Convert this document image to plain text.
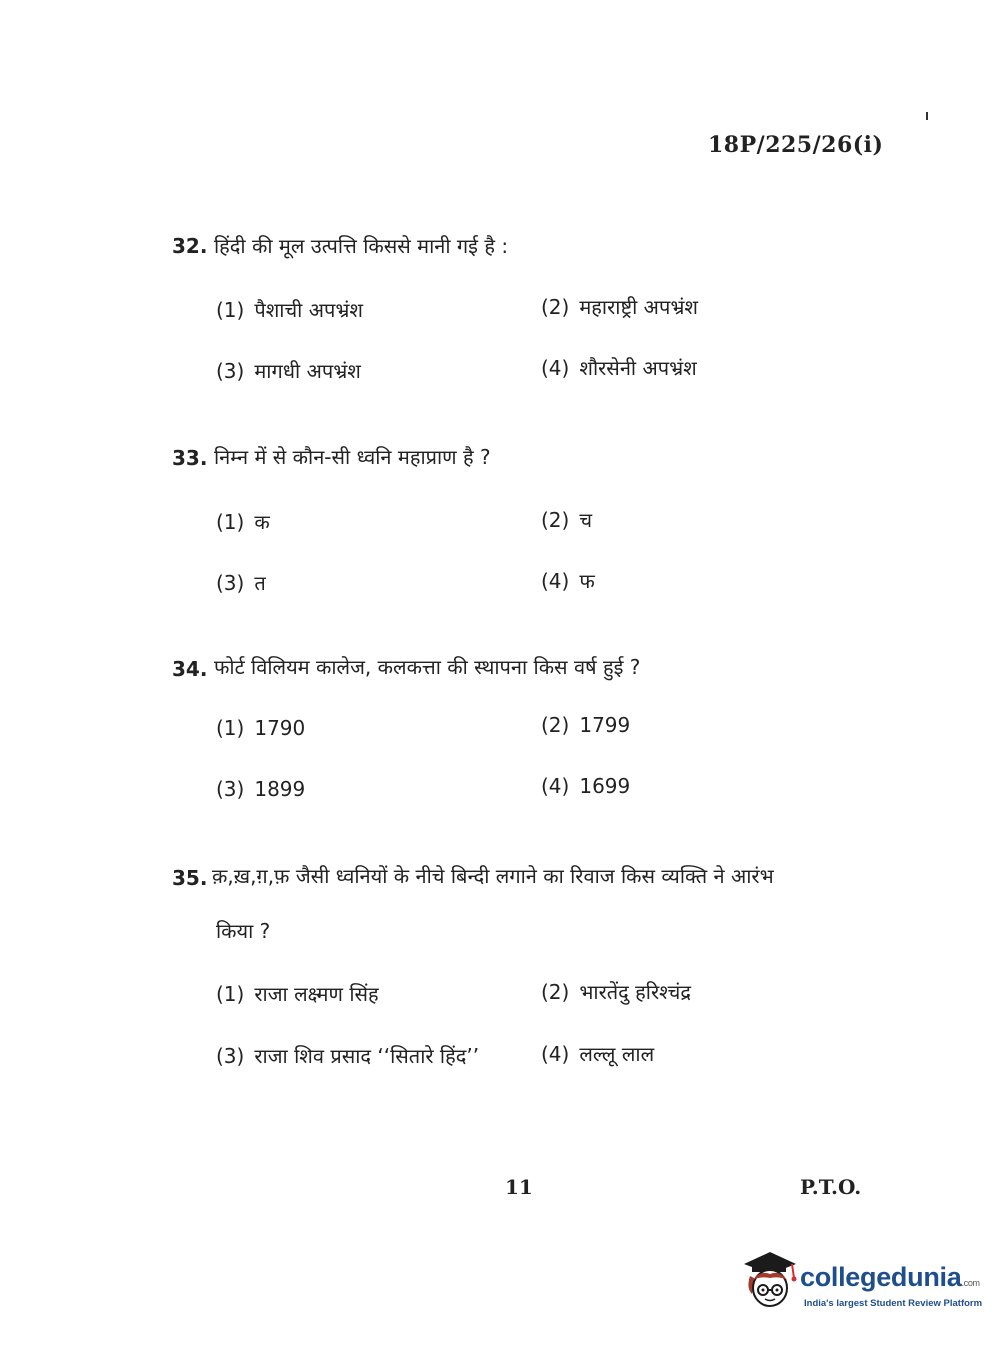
18P/225/26(i)
32. हिंदी की मूल उत्पत्ति किससे मानी गई है :
(1) पैशाची अपभ्रंश	(2) महाराष्ट्री अपभ्रंश
(3) मागधी अपभ्रंश	(4) शौरसेनी अपभ्रंश
33. निम्न में से कौन-सी ध्वनि महाप्राण है ?
(1) क	(2) च
(3) त	(4) फ
34. फोर्ट विलियम कालेज, कलकत्ता की स्थापना किस वर्ष हुई ?
(1) 1790	(2) 1799
(3) 1899	(4) 1699
35. क़,ख़,ग़,फ़ जैसी ध्वनियों के नीचे बिन्दी लगाने का रिवाज किस व्यक्ति ने आरंभ
किया ?
(1) राजा लक्ष्मण सिंह	(2) भारतेंदु हरिश्चंद्र
(3) राजा शिव प्रसाद ‘‘सितारे हिंद’’	(4) लल्लू लाल
11	P.T.O.
collegedunia.com
India's largest Student Review Platform
